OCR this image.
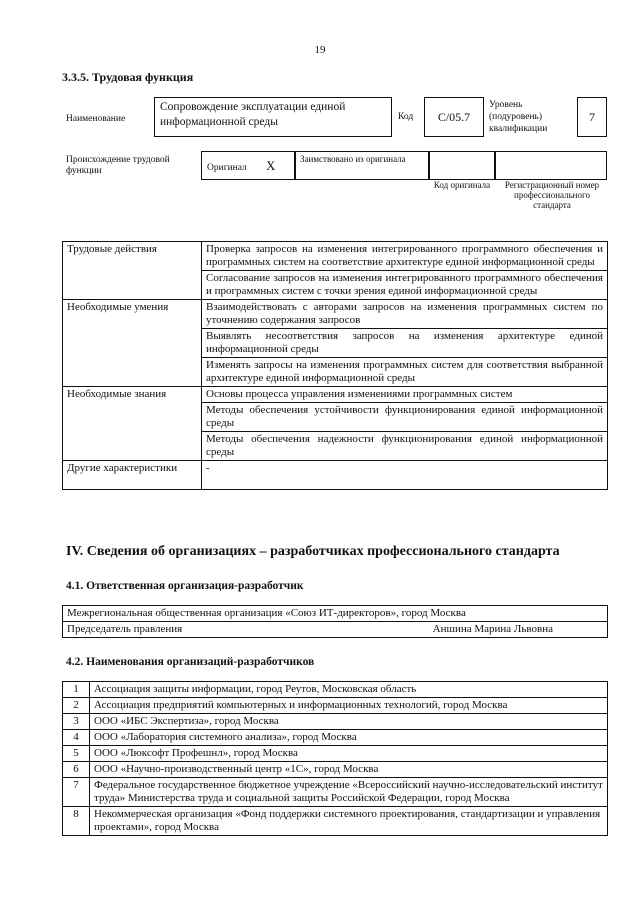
19
3.3.5. Трудовая функция
Наименование
Сопровождение эксплуатации единой информационной среды	Код	С/05.7
Уровень (подуровень) квалификации
7
Происхождение трудовой функции	Оригинал X	Заимствовано из оригинала
Код оригинала	Регистрационный номер профессионального стандарта
Трудовые действия	Проверка запросов на изменения интегрированного программного обеспечения и программных систем на соответствие архитектуре единой информационной среды
	Согласование запросов на изменения интегрированного программного обеспечения и программных систем с точки зрения единой информационной среды
Необходимые умения	Взаимодействовать с авторами запросов на изменения программных систем по уточнению содержания запросов
	Выявлять несоответствия запросов на изменения архитектуре единой информационной среды
	Изменять запросы на изменения программных систем для соответствия выбранной архитектуре единой информационной среды
Необходимые знания	Основы процесса управления изменениями программных систем
	Методы обеспечения устойчивости функционирования единой информационной среды
	Методы обеспечения надежности функционирования единой информационной среды
Другие характеристики	-
IV. Сведения об организациях – разработчиках профессионального стандарта
4.1. Ответственная организация-разработчик
Межрегиональная общественная организация «Союз ИТ-директоров», город Москва
Председатель правления	Аншина Марина Львовна
4.2. Наименования организаций-разработчиков
1	Ассоциация защиты информации, город Реутов, Московская область
2	Ассоциация предприятий компьютерных и информационных технологий, город Москва
3	ООО «ИБС Экспертиза», город Москва
4	ООО «Лаборатория системного анализа», город Москва
5	ООО «Люксофт Профешнл», город Москва
6	ООО «Научно-производственный центр «1С», город Москва
7	Федеральное государственное бюджетное учреждение «Всероссийский научно-исследовательский институт труда» Министерства труда и социальной защиты Российской Федерации, город Москва
8	Некоммерческая организация «Фонд поддержки системного проектирования, стандартизации и управления проектами», город Москва
